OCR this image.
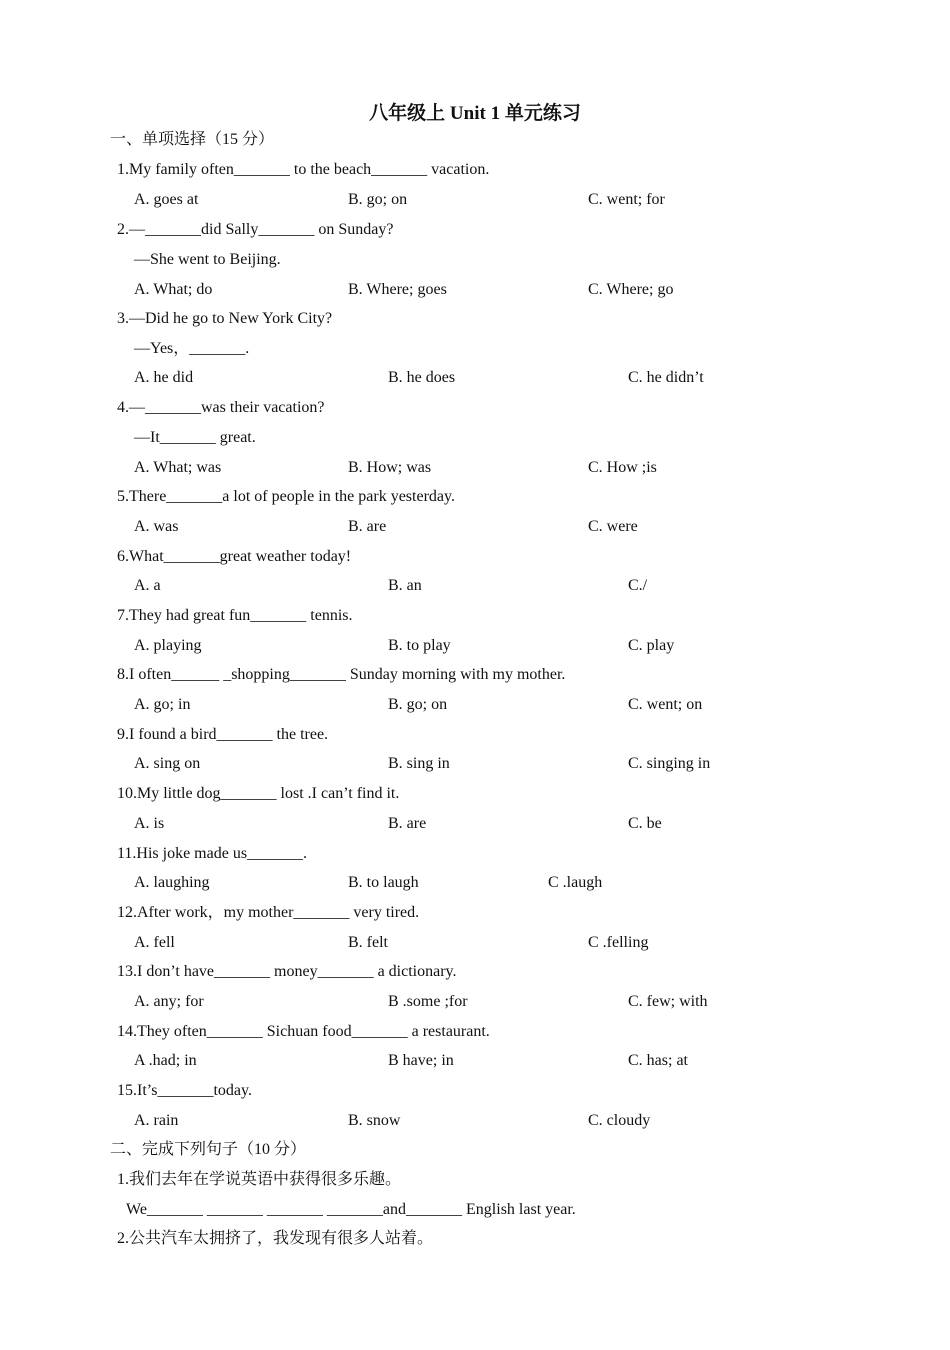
八年级上 Unit 1 单元练习
一、单项选择（15 分）
1.My family often_______ to the beach_______ vacation.
A. goes at	B. go; on	C. went; for
2.—_______did Sally_______ on Sunday?
—She went to Beijing.
A. What; do	B. Where; goes	C. Where; go
3.—Did he go to New York City?
—Yes，_______.
A. he did	B. he does	C. he didn’t
4.—_______was their vacation?
—It_______ great.
A. What; was	B. How; was	C. How ;is
5.There_______a lot of people in the park yesterday.
A. was	B. are	C. were
6.What_______great weather today!
A. a	B. an	C./
7.They had great fun_______ tennis.
A. playing	B. to play	C. play
8.I often______ _shopping_______ Sunday morning with my mother.
A. go; in	B. go; on	C. went; on
9.I found a bird_______ the tree.
A. sing on	B. sing in	C. singing in
10.My little dog_______ lost .I can’t find it.
A. is	B. are	C. be
11.His joke made us_______.
A. laughing	B. to laugh	C .laugh
12.After work，my mother_______ very tired.
A. fell	B. felt	C .felling
13.I don’t have_______ money_______ a dictionary.
A. any; for	B .some ;for	C. few; with
14.They often_______ Sichuan food_______ a restaurant.
A .had; in	B have; in	C. has; at
15.It’s_______today.
A. rain	B. snow	C. cloudy
二、完成下列句子（10 分）
1.我们去年在学说英语中获得很多乐趣。
We_______ _______ _______ _______and_______ English last year.
2.公共汽车太拥挤了，我发现有很多人站着。
